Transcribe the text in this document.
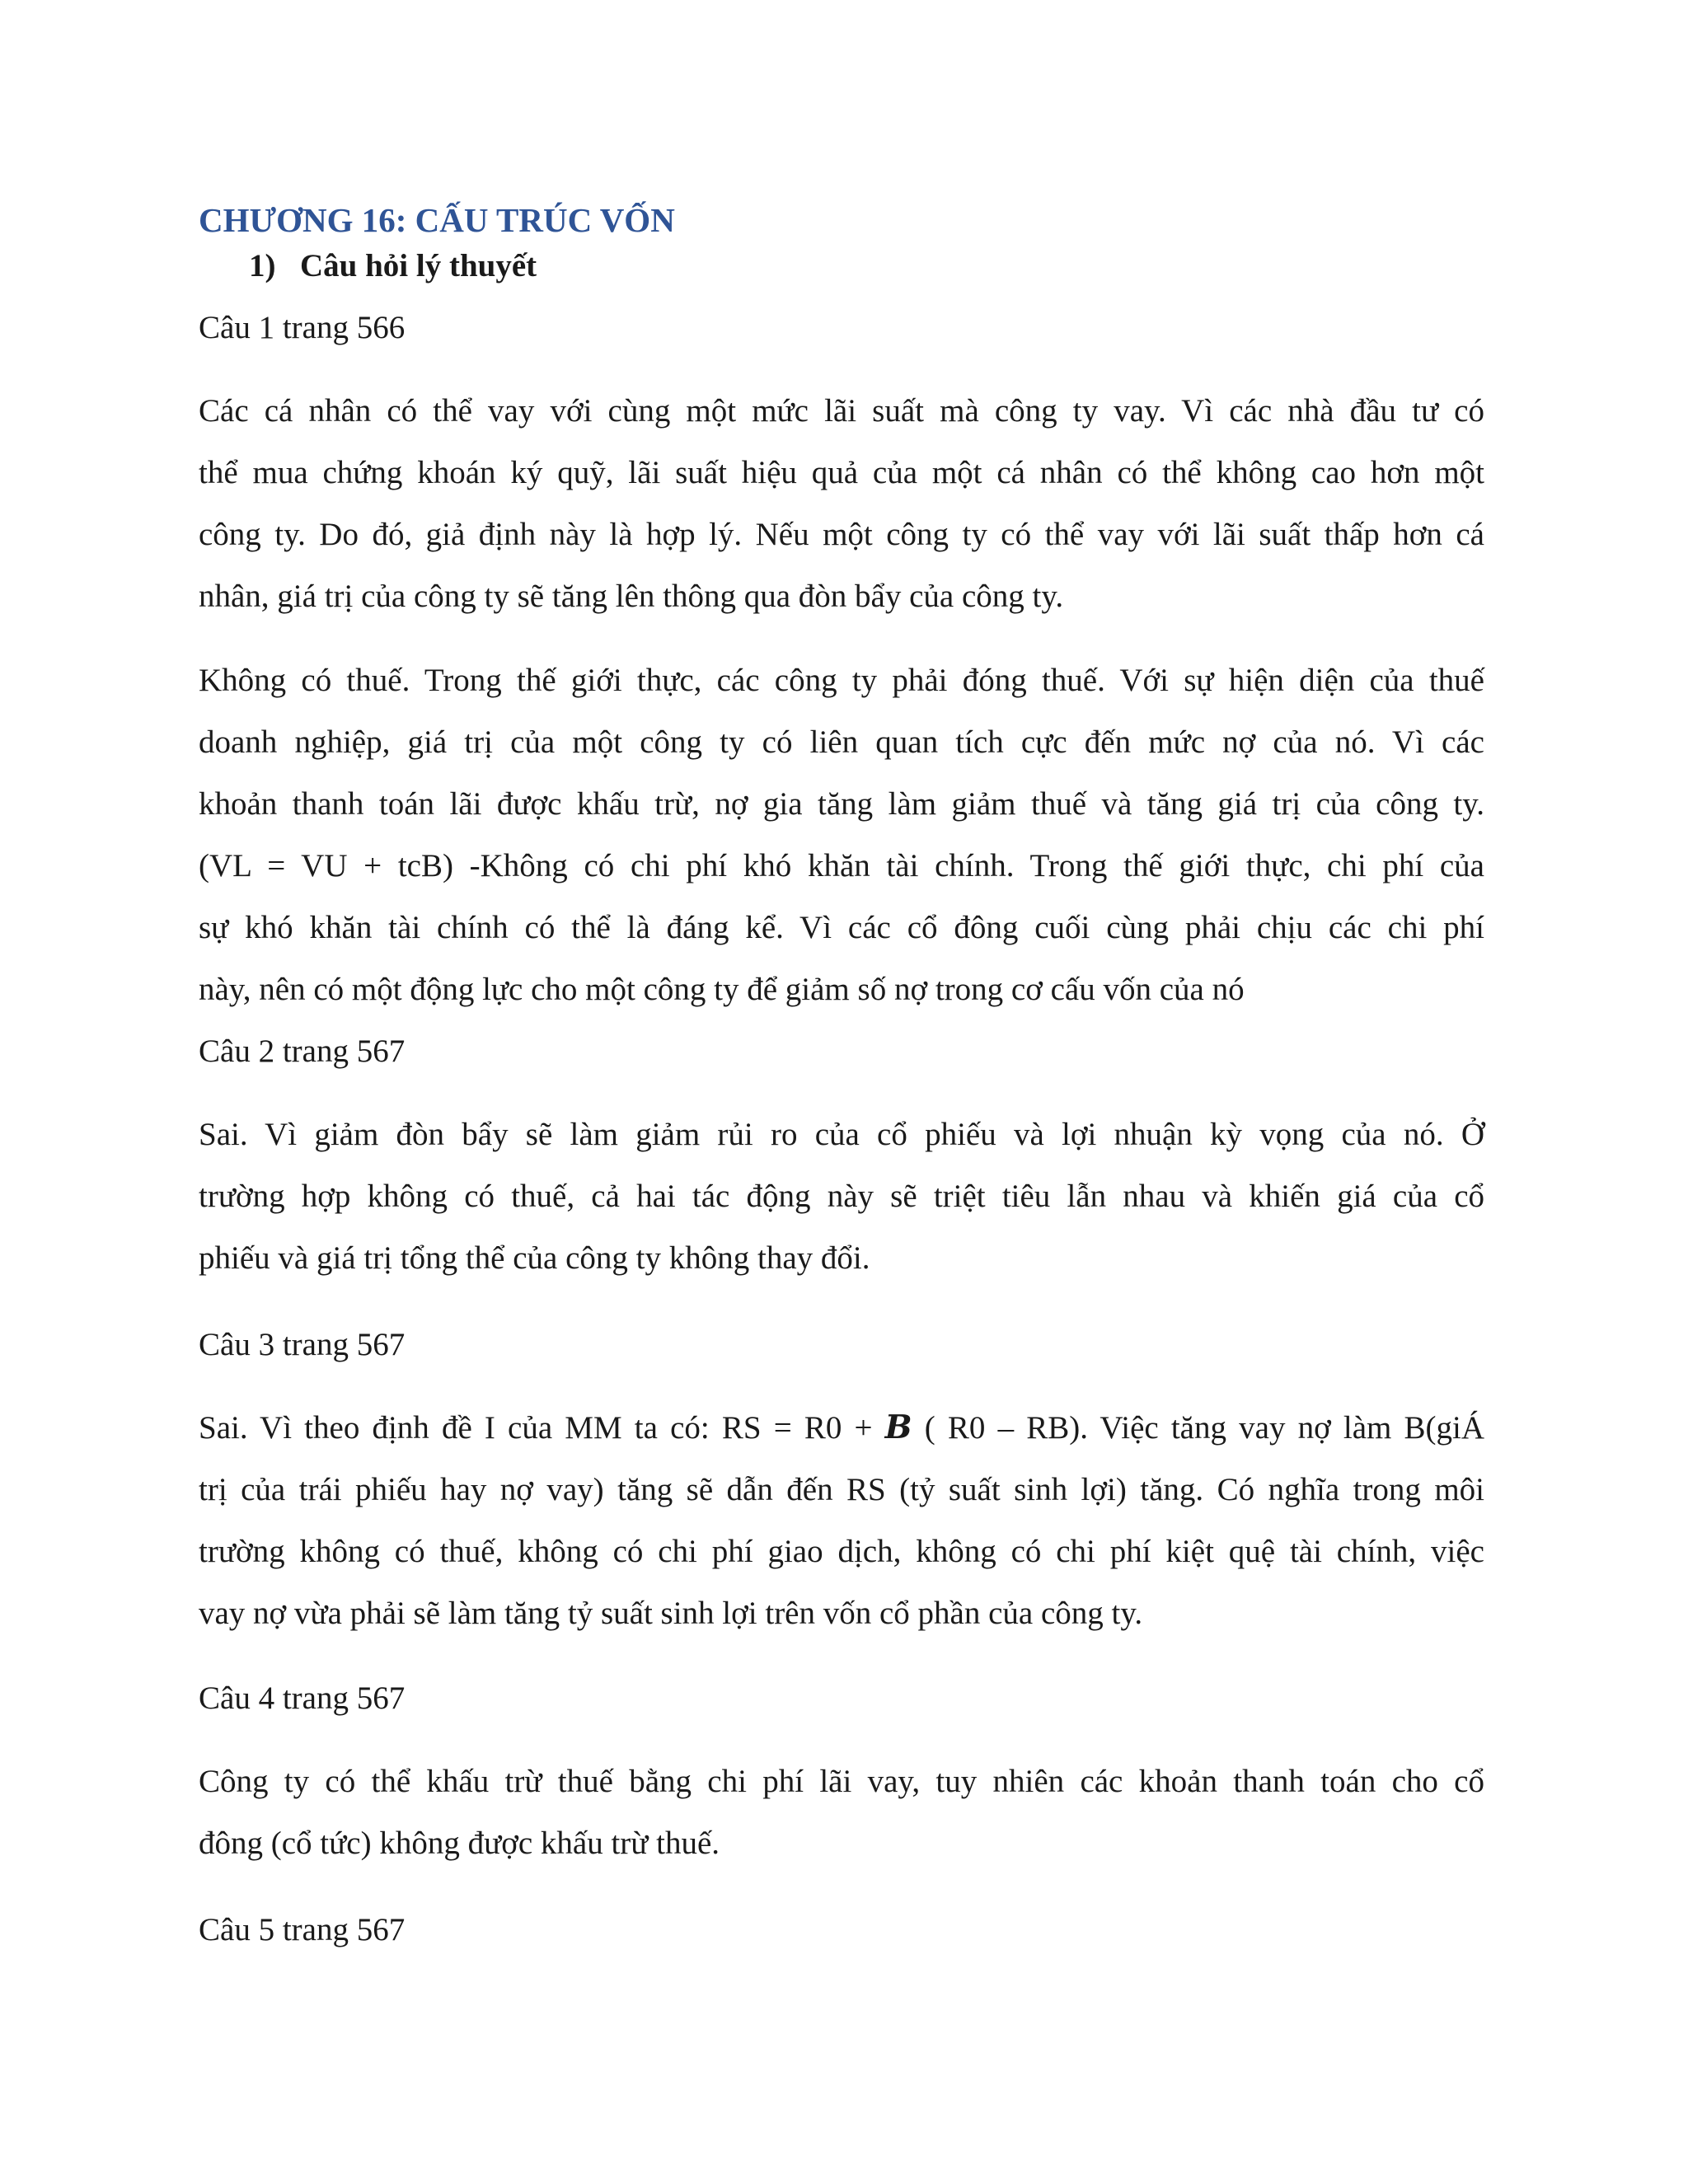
CHƯƠNG 16: CẤU TRÚC VỐN
1) Câu hỏi lý thuyết
Câu 1 trang 566
Các cá nhân có thể vay với cùng một mức lãi suất mà công ty vay. Vì các nhà đầu tư có
thể mua chứng khoán ký quỹ, lãi suất hiệu quả của một cá nhân có thể không cao hơn một
công ty. Do đó, giả định này là hợp lý. Nếu một công ty có thể vay với lãi suất thấp hơn cá
nhân, giá trị của công ty sẽ tăng lên thông qua đòn bẩy của công ty.
Không có thuế. Trong thế giới thực, các công ty phải đóng thuế. Với sự hiện diện của thuế
doanh nghiệp, giá trị của một công ty có liên quan tích cực đến mức nợ của nó. Vì các
khoản thanh toán lãi được khấu trừ, nợ gia tăng làm giảm thuế và tăng giá trị của công ty.
(VL = VU + tcB) -Không có chi phí khó khăn tài chính. Trong thế giới thực, chi phí của
sự khó khăn tài chính có thể là đáng kể. Vì các cổ đông cuối cùng phải chịu các chi phí
này, nên có một động lực cho một công ty để giảm số nợ trong cơ cấu vốn của nó
Câu 2 trang 567
Sai. Vì giảm đòn bẩy sẽ làm giảm rủi ro của cổ phiếu và lợi nhuận kỳ vọng của nó. Ở
trường hợp không có thuế, cả hai tác động này sẽ triệt tiêu lẫn nhau và khiến giá của cổ
phiếu và giá trị tổng thể của công ty không thay đổi.
Câu 3 trang 567
Sai. Vì theo định đề I của MM ta có: RS = R0 + 𝑩 ( R0 – RB). Việc tăng vay nợ làm B(giÁ
trị của trái phiếu hay nợ vay) tăng sẽ dẫn đến RS (tỷ suất sinh lợi) tăng. Có nghĩa trong môi
trường không có thuế, không có chi phí giao dịch, không có chi phí kiệt quệ tài chính, việc
vay nợ vừa phải sẽ làm tăng tỷ suất sinh lợi trên vốn cổ phần của công ty.
Câu 4 trang 567
Công ty có thể khấu trừ thuế bằng chi phí lãi vay, tuy nhiên các khoản thanh toán cho cổ
đông (cổ tức) không được khấu trừ thuế.
Câu 5 trang 567
